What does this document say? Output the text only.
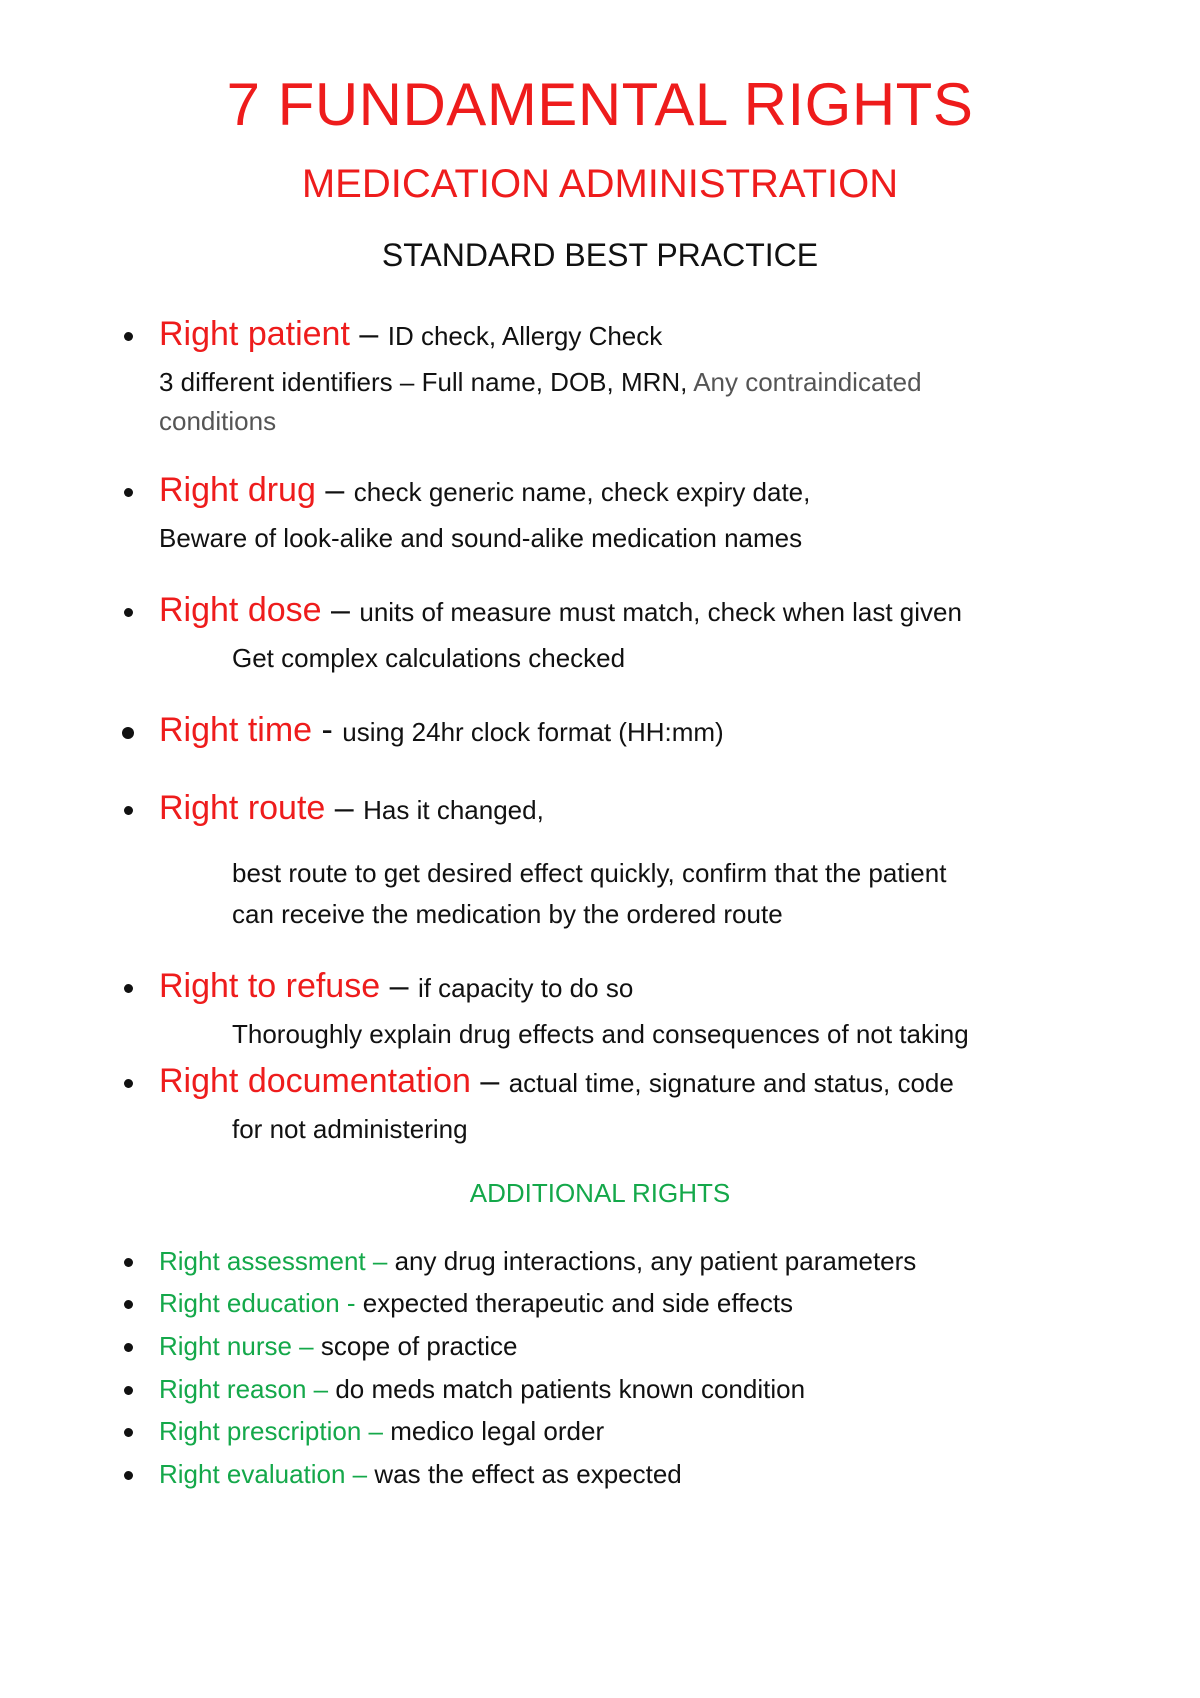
7 FUNDAMENTAL RIGHTS
MEDICATION ADMINISTRATION
STANDARD BEST PRACTICE
Right patient – ID check, Allergy Check
3 different identifiers – Full name, DOB, MRN, Any contraindicated
conditions
Right drug – check generic name, check expiry date,
Beware of look-alike and sound-alike medication names
Right dose – units of measure must match, check when last given
Get complex calculations checked
Right time - using 24hr clock format (HH:mm)
Right route – Has it changed,
best route to get desired effect quickly, confirm that the patient
can receive the medication by the ordered route
Right to refuse – if capacity to do so
Thoroughly explain drug effects and consequences of not taking
Right documentation – actual time, signature and status, code
for not administering
ADDITIONAL RIGHTS
Right assessment – any drug interactions, any patient parameters
Right education - expected therapeutic and side effects
Right nurse – scope of practice
Right reason – do meds match patients known condition
Right prescription – medico legal order
Right evaluation – was the effect as expected
